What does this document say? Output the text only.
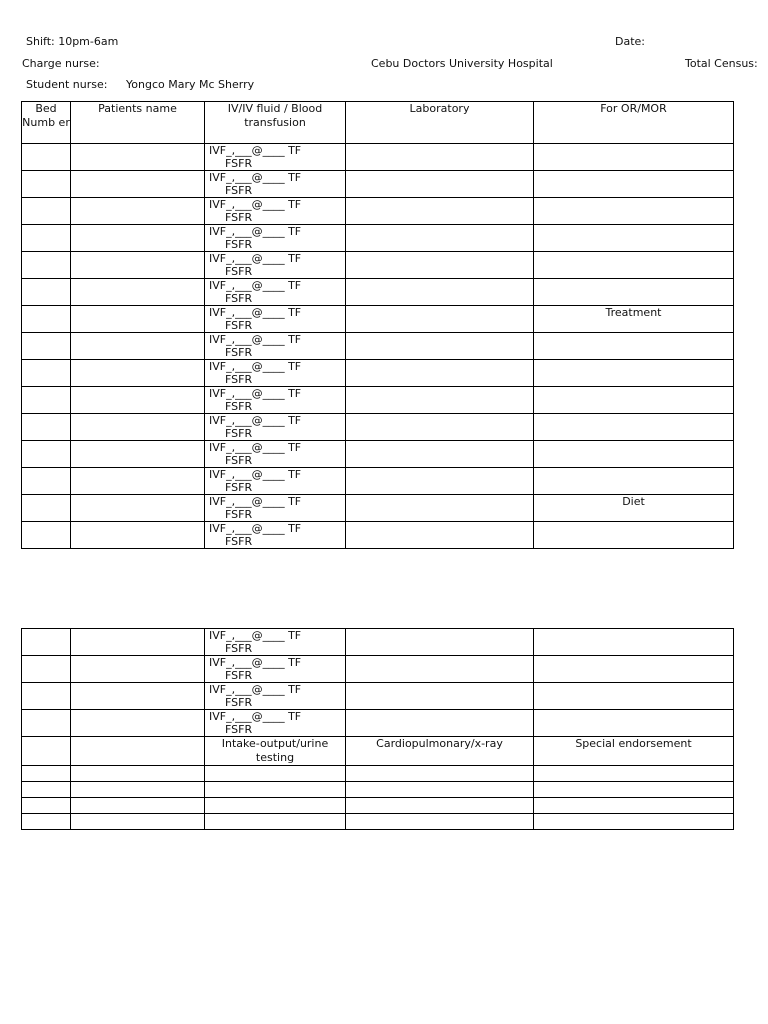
Shift: 10pm-6am	Date:
Charge nurse:	Cebu Doctors University Hospital	Total Census:
Student nurse: Yongco Mary Mc Sherry
Bed Numb er	Patients name	IV/IV fluid / Blood transfusion	Laboratory	For OR/MOR

		IVF_,___@____ TF
FSFR		

		IVF_,___@____ TF
FSFR		

		IVF_,___@____ TF
FSFR		

		IVF_,___@____ TF
FSFR		

		IVF_,___@____ TF
FSFR		

		IVF_,___@____ TF
FSFR		

		IVF_,___@____ TF
FSFR		Treatment

		IVF_,___@____ TF
FSFR		

		IVF_,___@____ TF
FSFR		

		IVF_,___@____ TF
FSFR		

		IVF_,___@____ TF
FSFR		

		IVF_,___@____ TF
FSFR		

		IVF_,___@____ TF
FSFR		

		IVF_,___@____ TF
FSFR		Diet

		IVF_,___@____ TF
FSFR		

		IVF_,___@____ TF
FSFR		

		IVF_,___@____ TF
FSFR		

		IVF_,___@____ TF
FSFR		

		IVF_,___@____ TF
FSFR		

		Intake-output/urine testing	Cardiopulmonary/x-ray	Special endorsement
